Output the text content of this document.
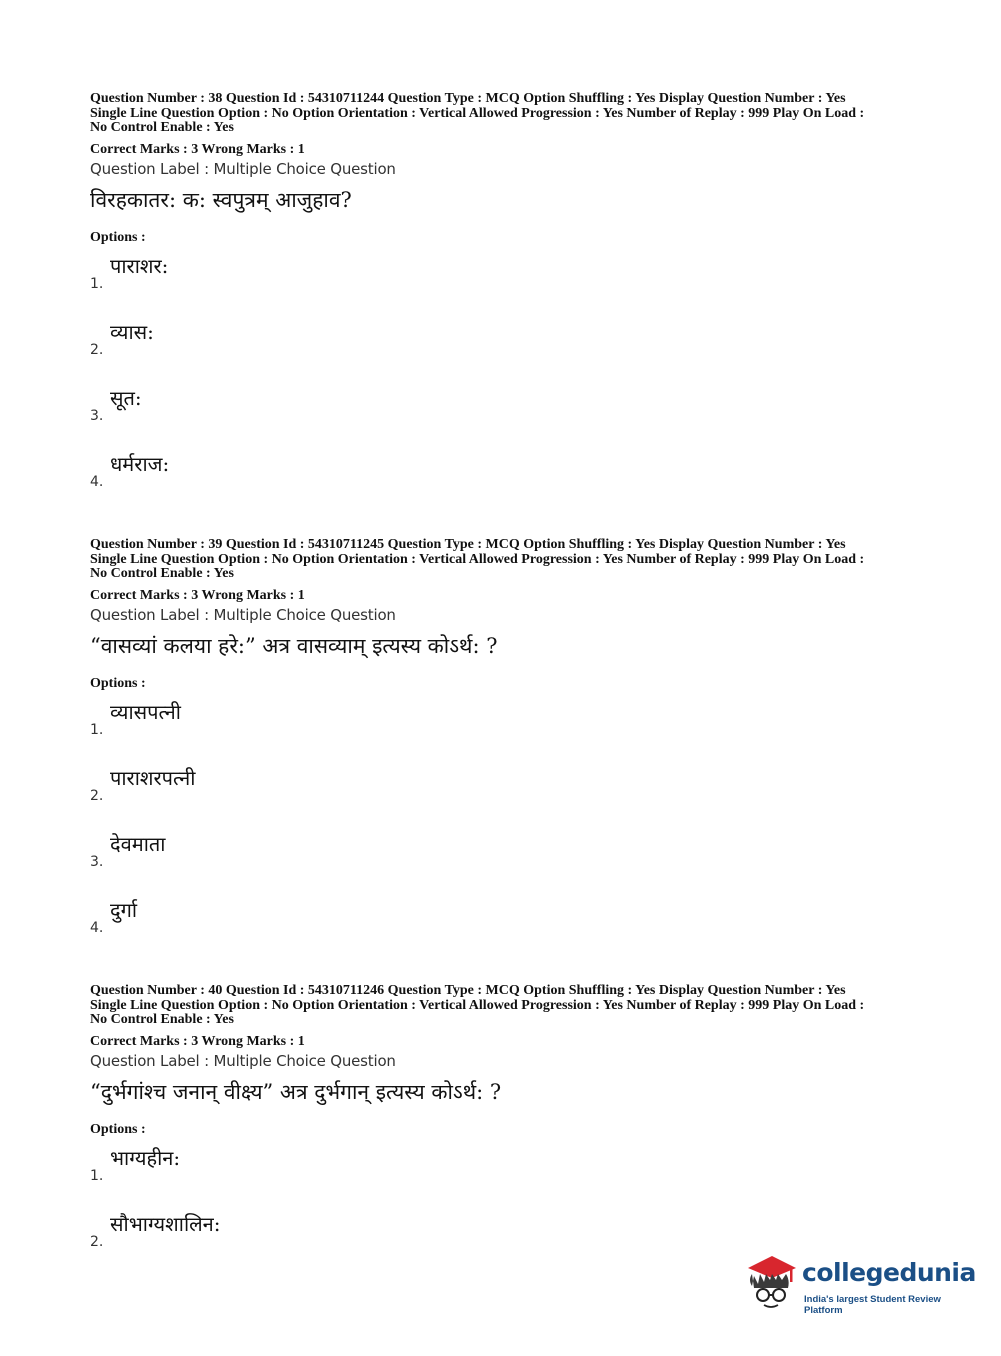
Question Number : 38 Question Id : 54310711244 Question Type : MCQ Option Shuffling : Yes Display Question Number : Yes

Single Line Question Option : No Option Orientation : Vertical Allowed Progression : Yes Number of Replay : 999 Play On Load :

No Control Enable : Yes

Correct Marks : 3 Wrong Marks : 1
Question Label : Multiple Choice Question
विरहकातर: क: स्वपुत्रम् आजुहाव?
Options :
1.
पाराशर:
2.
व्यास:
3.
सूत:
4.
धर्मराज:

Question Number : 39 Question Id : 54310711245 Question Type : MCQ Option Shuffling : Yes Display Question Number : Yes

Single Line Question Option : No Option Orientation : Vertical Allowed Progression : Yes Number of Replay : 999 Play On Load :

No Control Enable : Yes

Correct Marks : 3 Wrong Marks : 1
Question Label : Multiple Choice Question
“वासव्यां कलया हरे:” अत्र वासव्याम् इत्यस्य कोऽर्थ: ?
Options :
1.
व्यासपत्नी
2.
पाराशरपत्नी
3.
देवमाता
4.
दुर्गा

Question Number : 40 Question Id : 54310711246 Question Type : MCQ Option Shuffling : Yes Display Question Number : Yes

Single Line Question Option : No Option Orientation : Vertical Allowed Progression : Yes Number of Replay : 999 Play On Load :

No Control Enable : Yes

Correct Marks : 3 Wrong Marks : 1
Question Label : Multiple Choice Question
“दुर्भगांश्च जनान् वीक्ष्य” अत्र दुर्भगान् इत्यस्य कोऽर्थ: ?
Options :
1.
भाग्यहीन:
2.
सौभाग्यशालिन:
collegedunia
India's largest Student Review Platform
